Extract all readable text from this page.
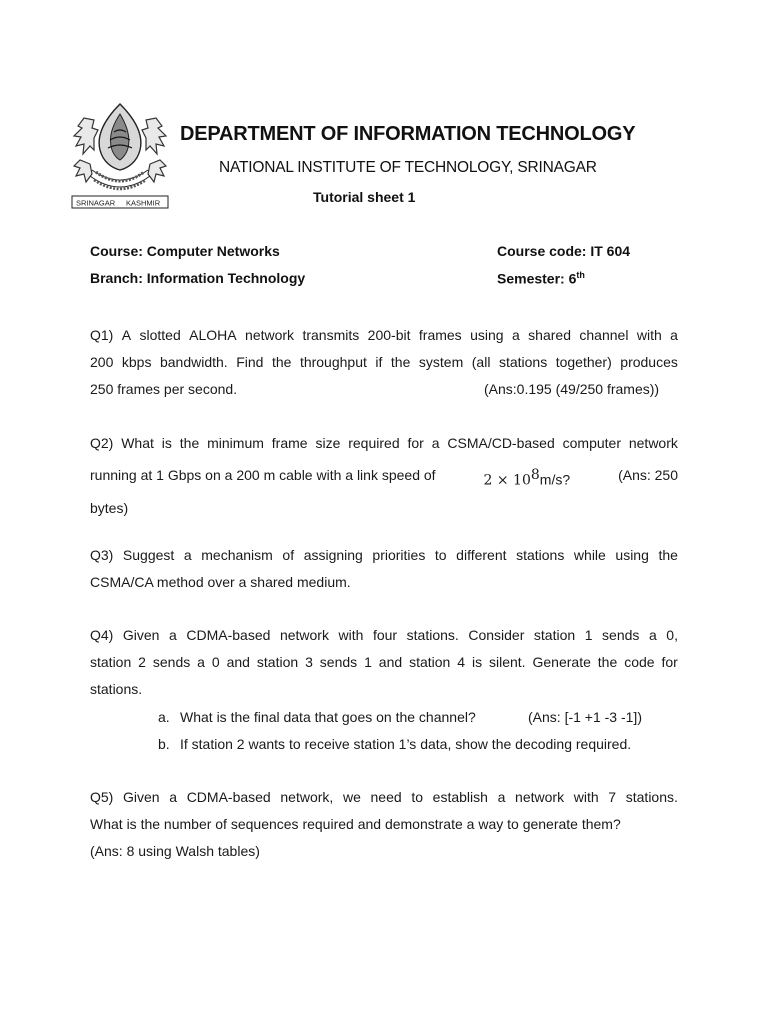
SRINAGAR KASHMIR
DEPARTMENT OF INFORMATION TECHNOLOGY
NATIONAL INSTITUTE OF TECHNOLOGY, SRINAGAR
Tutorial sheet 1
Course: Computer Networks	Course code: IT 604
Branch: Information Technology	Semester: 6th
Q1) A slotted ALOHA network transmits 200-bit frames using a shared channel with a
200 kbps bandwidth. Find the throughput if the system (all stations together) produces
250 frames per second.	(Ans:0.195 (49/250 frames))
Q2) What is the minimum frame size required for a CSMA/CD-based computer network
running at 1 Gbps on a 200 m cable with a link speed of	$2 \times 10^8m/s$?	(Ans: 250
bytes)
Q3) Suggest a mechanism of assigning priorities to different stations while using the
CSMA/CA method over a shared medium.
Q4) Given a CDMA-based network with four stations. Consider station 1 sends a 0,
station 2 sends a 0 and station 3 sends 1 and station 4 is silent. Generate the code for
stations.
a. What is the final data that goes on the channel?	(Ans: [-1 +1 -3 -1])
b. If station 2 wants to receive station 1’s data, show the decoding required.
Q5) Given a CDMA-based network, we need to establish a network with 7 stations.
What is the number of sequences required and demonstrate a way to generate them?
(Ans: 8 using Walsh tables)
